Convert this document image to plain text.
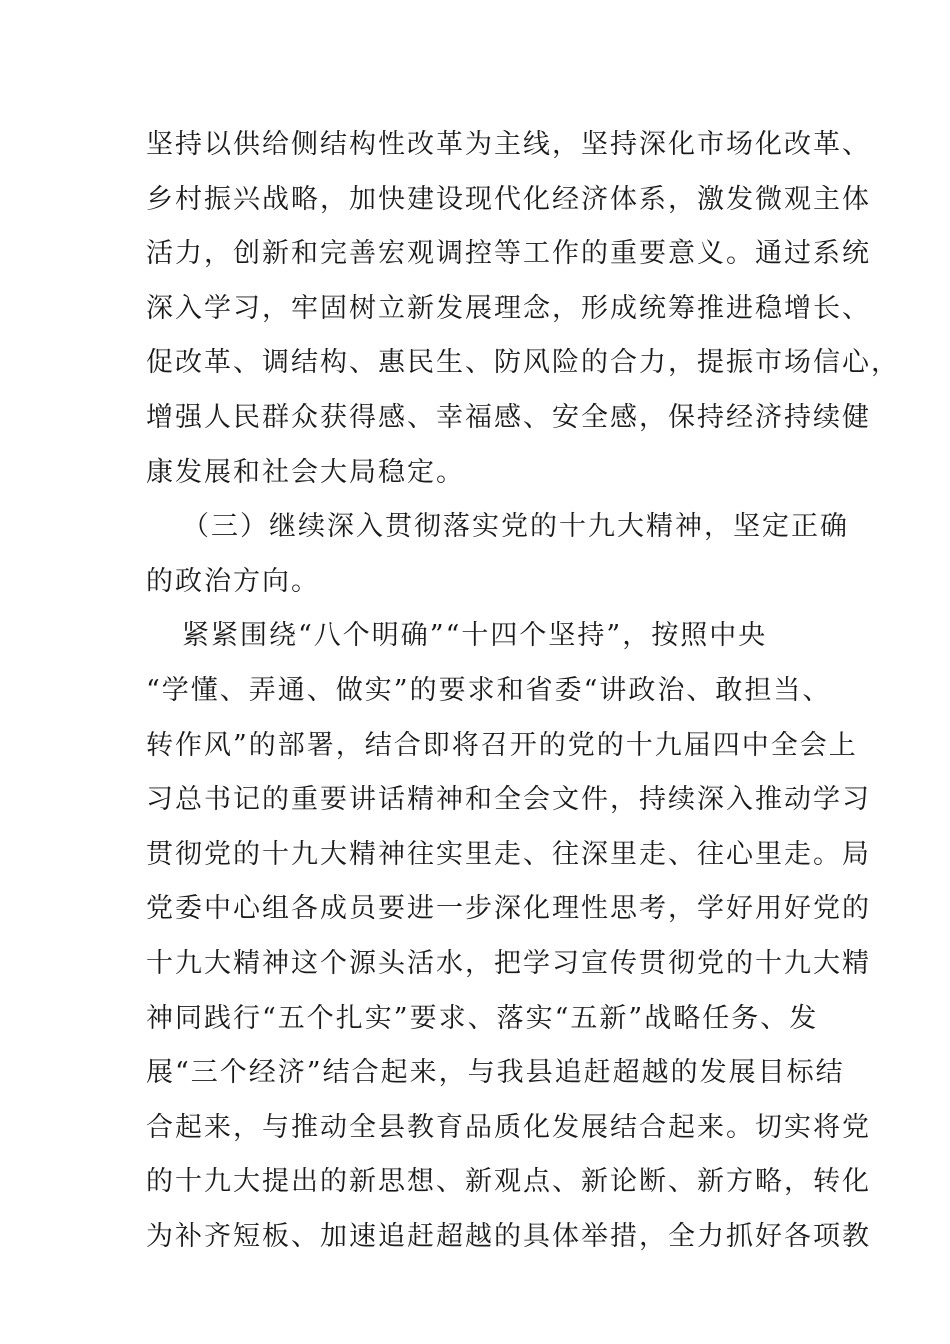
坚持以供给侧结构性改革为主线，坚持深化市场化改革、
乡村振兴战略，加快建设现代化经济体系，激发微观主体
活力，创新和完善宏观调控等工作的重要意义。通过系统
深入学习，牢固树立新发展理念，形成统筹推进稳增长、
促改革、调结构、惠民生、防风险的合力，提振市场信心，
增强人民群众获得感、幸福感、安全感，保持经济持续健
康发展和社会大局稳定。
（三）继续深入贯彻落实党的十九大精神，坚定正确
的政治方向。
紧紧围绕“八个明确”“十四个坚持”，按照中央
“学懂、弄通、做实”的要求和省委“讲政治、敢担当、
转作风”的部署，结合即将召开的党的十九届四中全会上
习总书记的重要讲话精神和全会文件，持续深入推动学习
贯彻党的十九大精神往实里走、往深里走、往心里走。局
党委中心组各成员要进一步深化理性思考，学好用好党的
十九大精神这个源头活水，把学习宣传贯彻党的十九大精
神同践行“五个扎实”要求、落实“五新”战略任务、发
展“三个经济”结合起来，与我县追赶超越的发展目标结
合起来，与推动全县教育品质化发展结合起来。切实将党
的十九大提出的新思想、新观点、新论断、新方略，转化
为补齐短板、加速追赶超越的具体举措，全力抓好各项教
